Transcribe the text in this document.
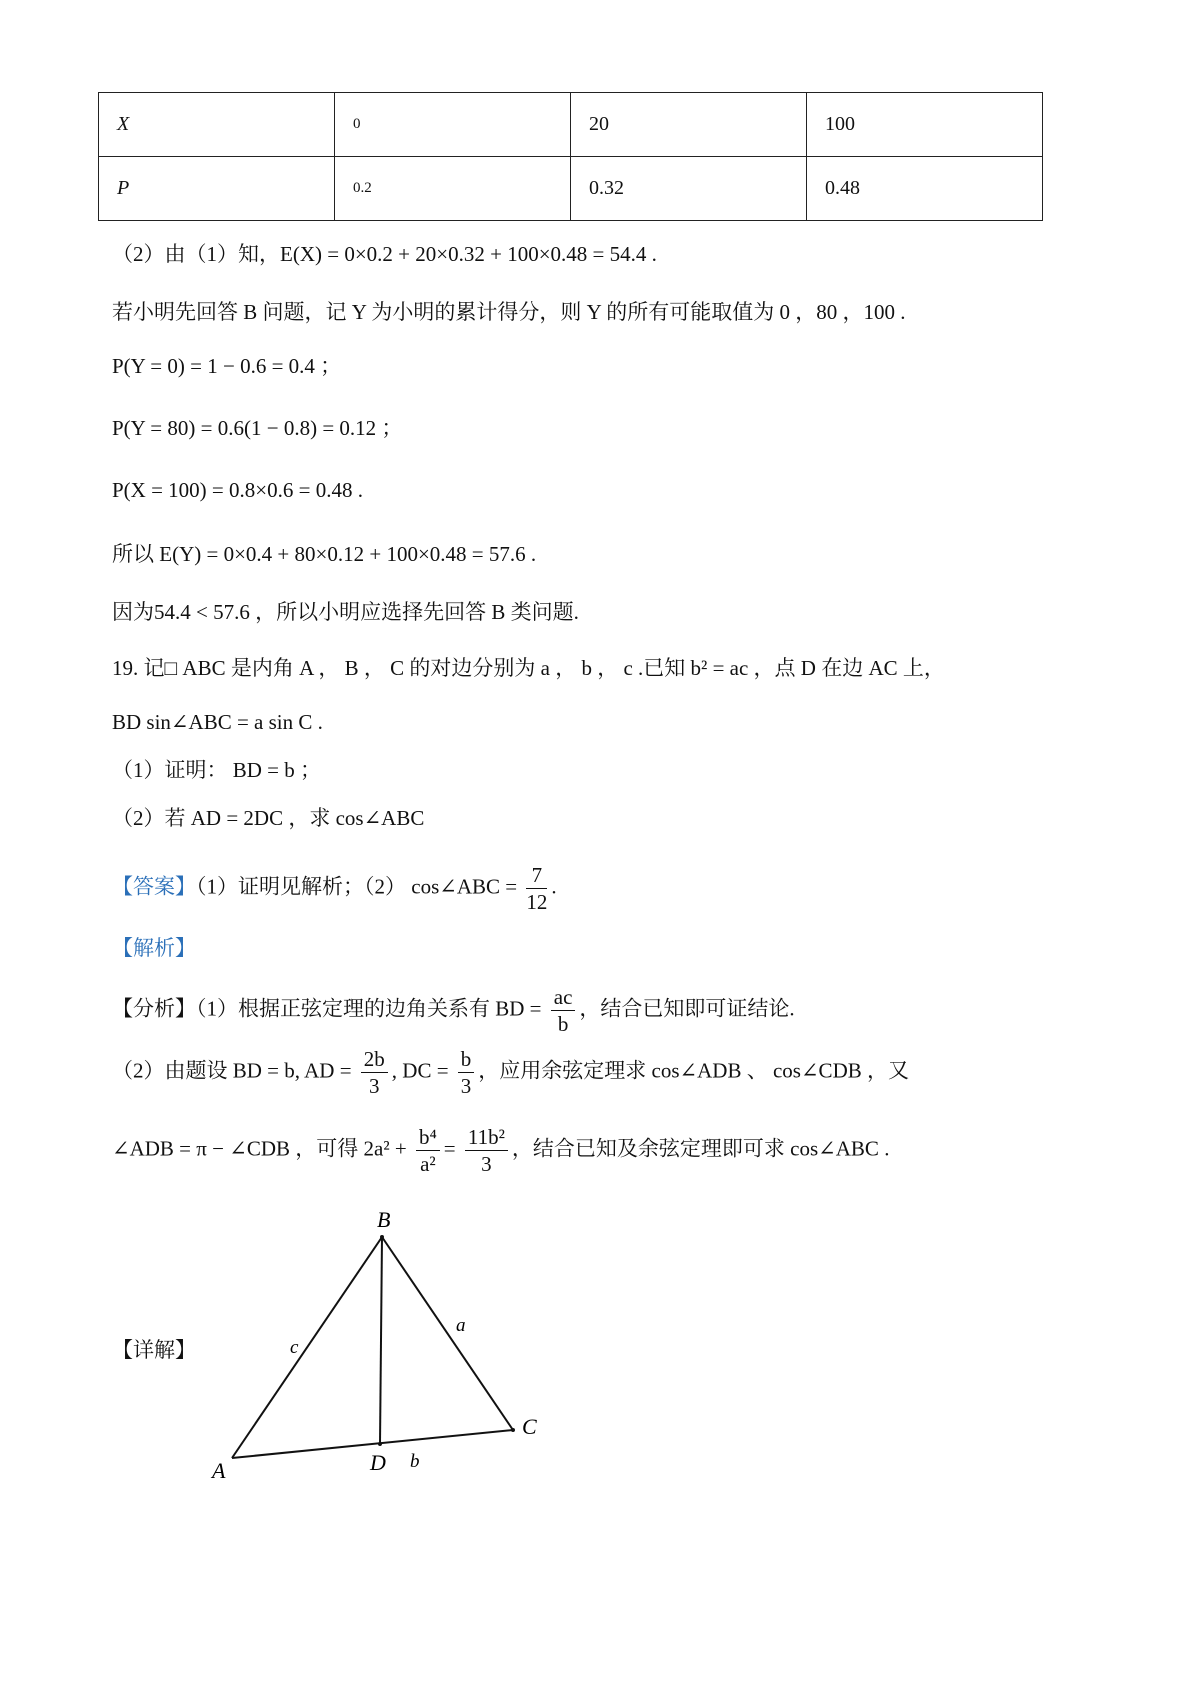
X	0	20	100
P	0.2	0.32	0.48
（2）由（1）知，E(X) = 0×0.2 + 20×0.32 + 100×0.48 = 54.4 .
若小明先回答 B 问题，记 Y 为小明的累计得分，则 Y 的所有可能取值为 0 ，80 ，100 .
P(Y = 0) = 1 − 0.6 = 0.4 ；
P(Y = 80) = 0.6(1 − 0.8) = 0.12 ；
P(X = 100) = 0.8×0.6 = 0.48 .
所以 E(Y) = 0×0.4 + 80×0.12 + 100×0.48 = 57.6 .
因为54.4 < 57.6 ，所以小明应选择先回答 B 类问题.
19. 记□ ABC 是内角 A ， B ， C 的对边分别为 a ， b ， c .已知 b² = ac ，点 D 在边 AC 上，
BD sin∠ABC = a sin C .
（1）证明： BD = b ；
（2）若 AD = 2DC ，求 cos∠ABC
【答案】（1）证明见解析；（2） cos∠ABC = $\frac{7}{12}$ .
【解析】
【分析】（1）根据正弦定理的边角关系有 BD = $\frac{ac}{b}$ ，结合已知即可证结论.
（2）由题设 BD = b, AD = $\frac{2b}{3}$ , DC = $\frac{b}{3}$ ，应用余弦定理求 cos∠ADB 、 cos∠CDB ，又
∠ADB = π − ∠CDB ，可得 $2a^2 + \frac{\text{b⁴}}{\text{a²}} = \frac{\text{11b²}}{3}$ ，结合已知及余弦定理即可求 cos∠ABC .
【详解】
B
A
C
D
a
b
c
